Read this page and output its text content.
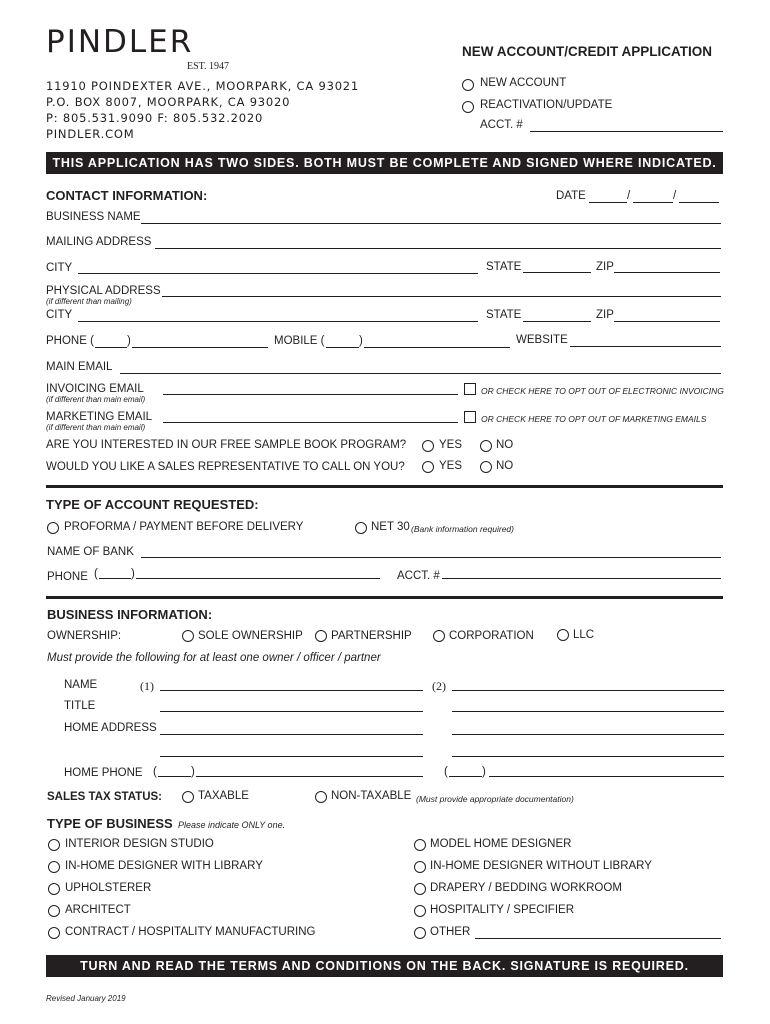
PINDLER
EST. 1947
11910 POINDEXTER AVE., MOORPARK, CA 93021
P.O. BOX 8007, MOORPARK, CA 93020
P: 805.531.9090 F: 805.532.2020
PINDLER.COM
NEW ACCOUNT/CREDIT APPLICATION
NEW ACCOUNT
REACTIVATION/UPDATE
ACCT. #
THIS APPLICATION HAS TWO SIDES. BOTH MUST BE COMPLETE AND SIGNED WHERE INDICATED.
CONTACT INFORMATION:	DATE	/	/
BUSINESS NAME
MAILING ADDRESS
CITY	STATE	ZIP
PHYSICAL ADDRESS
(if different than mailing)
CITY	STATE	ZIP
PHONE (	)	MOBILE (	)	WEBSITE
MAIN EMAIL
INVOICING EMAIL
(if different than main email)
OR CHECK HERE TO OPT OUT OF ELECTRONIC INVOICING
MARKETING EMAIL
(if different than main email)
OR CHECK HERE TO OPT OUT OF MARKETING EMAILS
ARE YOU INTERESTED IN OUR FREE SAMPLE BOOK PROGRAM?	YES	NO
WOULD YOU LIKE A SALES REPRESENTATIVE TO CALL ON YOU?	YES	NO
TYPE OF ACCOUNT REQUESTED:
PROFORMA / PAYMENT BEFORE DELIVERY	NET 30 (Bank information required)
NAME OF BANK
PHONE (	)	ACCT. #
BUSINESS INFORMATION:
OWNERSHIP:	SOLE OWNERSHIP PARTNERSHIP	CORPORATION	LLC
Must provide the following for at least one owner / officer / partner
NAME	(1)	(2)
TITLE
HOME ADDRESS
HOME PHONE (	)	(	)
SALES TAX STATUS:	TAXABLE	NON-TAXABLE (Must provide appropriate documentation)
TYPE OF BUSINESS Please indicate ONLY one.
INTERIOR DESIGN STUDIO
IN-HOME DESIGNER WITH LIBRARY
UPHOLSTERER
ARCHITECT
CONTRACT / HOSPITALITY MANUFACTURING
MODEL HOME DESIGNER
IN-HOME DESIGNER WITHOUT LIBRARY
DRAPERY / BEDDING WORKROOM
HOSPITALITY / SPECIFIER
OTHER
TURN AND READ THE TERMS AND CONDITIONS ON THE BACK. SIGNATURE IS REQUIRED.
Revised January 2019
